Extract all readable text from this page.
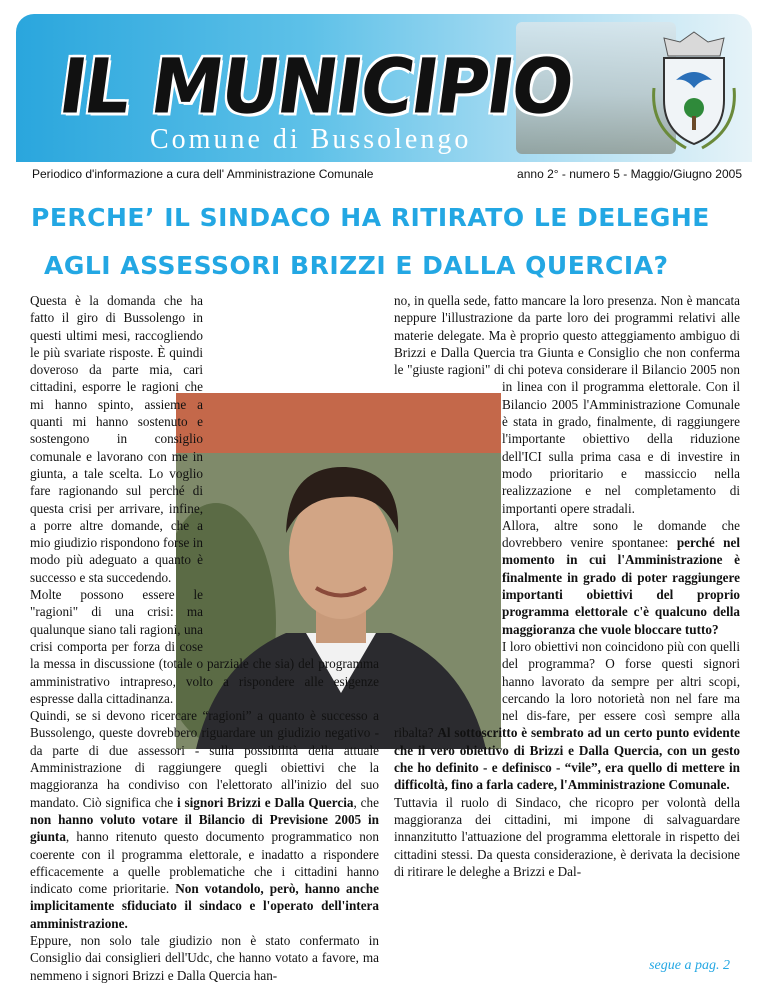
IL MUNICIPIO
Comune di Bussolengo
Periodico d'informazione a cura dell' Amministrazione Comunale	anno 2° - numero 5 - Maggio/Giugno 2005
PERCHE’ IL SINDACO HA RITIRATO LE DELEGHE
AGLI ASSESSORI BRIZZI E DALLA QUERCIA?

Questa è la domanda che ha fatto il giro di Bussolengo in questi ultimi mesi, raccogliendo le più svariate risposte. È quindi doveroso da parte mia, cari cittadini, esporre le ragioni che mi hanno spinto, assieme a quanti mi hanno sostenuto e sostengono in consiglio comunale e lavorano con me in giunta, a tale scelta. Lo voglio fare ragionando sul perché di questa crisi per arrivare, infine, a porre altre domande, che a mio giudizio rispondono forse in modo più adeguato a quanto è successo e sta succedendo.

Molte possono essere le "ragioni" di una crisi: ma qualunque siano tali ragioni, una crisi comporta per forza di cose la messa in discussione (totale o parziale che sia) del programma amministrativo intrapreso, volto a rispondere alle esigenze espresse dalla cittadinanza.

Quindi, se si devono ricercare “ragioni” a quanto è successo a Bussolengo, queste dovrebbero riguardare un giudizio negativo - da parte di due assessori - sulla possibilità della attuale Amministrazione di raggiungere quegli obiettivi che la maggioranza ha condiviso con l'elettorato all'inizio del suo mandato. Ciò significa che i signori Brizzi e Dalla Quercia, che non hanno voluto votare il Bilancio di Previsione 2005 in giunta, hanno ritenuto questo documento programmatico non coerente con il programma elettorale, e inadatto a rispondere efficacemente a quelle problematiche che i cittadini hanno indicato come prioritarie. Non votandolo, però, hanno anche implicitamente sfiduciato il sindaco e l'operato dell'intera amministrazione.

Eppure, non solo tale giudizio non è stato confermato in Consiglio dai consiglieri dell'Udc, che hanno votato a favore, ma nemmeno i signori Brizzi e Dalla Quercia han-

no, in quella sede, fatto mancare la loro presenza. Non è mancata neppure l'illustrazione da parte loro dei programmi relativi alle materie delegate. Ma è proprio questo atteggiamento ambiguo di Brizzi e Dalla Quercia tra Giunta e Consiglio che non conferma le "giuste ragioni" di chi poteva considerare il Bilancio 2005 non in linea con il programma elettorale. Con il Bilancio 2005 l'Amministrazione Comunale è stata in grado, finalmente, di raggiungere l'importante obiettivo della riduzione dell'ICI sulla prima casa e di investire in modo prioritario e massiccio nella realizzazione e nel completamento di importanti opere stradali.

Allora, altre sono le domande che dovrebbero venire spontanee: perché nel momento in cui l'Amministrazione è finalmente in grado di poter raggiungere importanti obiettivi del proprio programma elettorale c'è qualcuno della maggioranza che vuole bloccare tutto?

I loro obiettivi non coincidono più con quelli del programma? O forse questi signori hanno lavorato da sempre per altri scopi, cercando la loro notorietà non nel fare ma nel dis-fare, per essere così sempre alla ribalta? Al sottoscritto è sembrato ad un certo punto evidente che il vero obiettivo di Brizzi e Dalla Quercia, con un gesto che ho definito - e definisco - “vile”, era quello di mettere in difficoltà, fino a farla cadere, l'Amministrazione Comunale.

Tuttavia il ruolo di Sindaco, che ricopro per volontà della maggioranza dei cittadini, mi impone di salvaguardare innanzitutto l'attuazione del programma elettorale in rispetto dei cittadini stessi. Da questa considerazione, è derivata la decisione di ritirare le deleghe a Brizzi e Dal-

segue a pag. 2
